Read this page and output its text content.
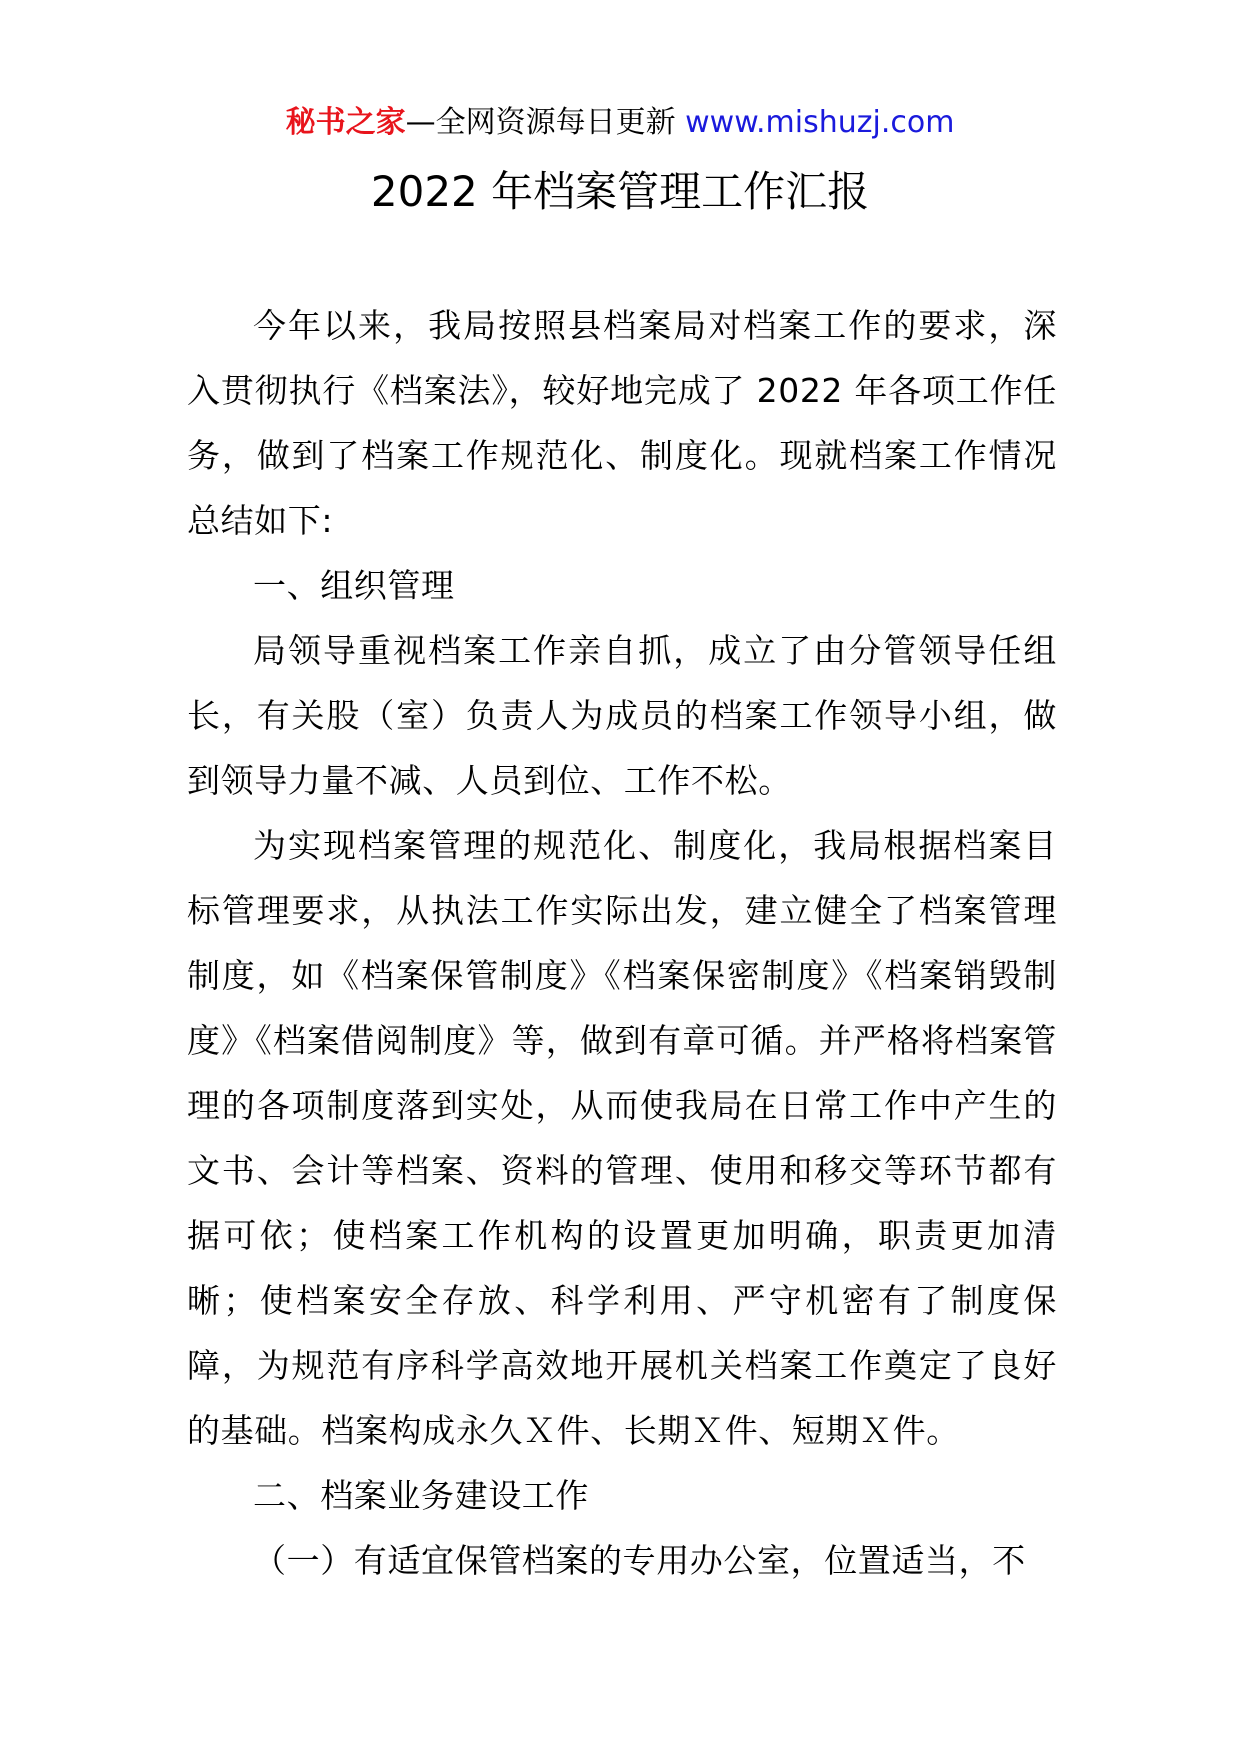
秘书之家—全网资源每日更新 www.mishuzj.com
2022 年档案管理工作汇报

今年以来，我局按照县档案局对档案工作的要求，深入贯彻执行《档案法》，较好地完成了 2022 年各项工作任务，做到了档案工作规范化、制度化。现就档案工作情况总结如下:

一、组织管理

局领导重视档案工作亲自抓，成立了由分管领导任组长，有关股（室）负责人为成员的档案工作领导小组，做到领导力量不减、人员到位、工作不松。

为实现档案管理的规范化、制度化，我局根据档案目标管理要求，从执法工作实际出发，建立健全了档案管理制度，如《档案保管制度》《档案保密制度》《档案销毁制度》《档案借阅制度》等，做到有章可循。并严格将档案管理的各项制度落到实处，从而使我局在日常工作中产生的文书、会计等档案、资料的管理、使用和移交等环节都有据可依；使档案工作机构的设置更加明确，职责更加清晰；使档案安全存放、科学利用、严守机密有了制度保障，为规范有序科学高效地开展机关档案工作奠定了良好的基础。档案构成永久Ｘ件、长期Ｘ件、短期Ｘ件。

二、档案业务建设工作

（一）有适宜保管档案的专用办公室，位置适当，不
